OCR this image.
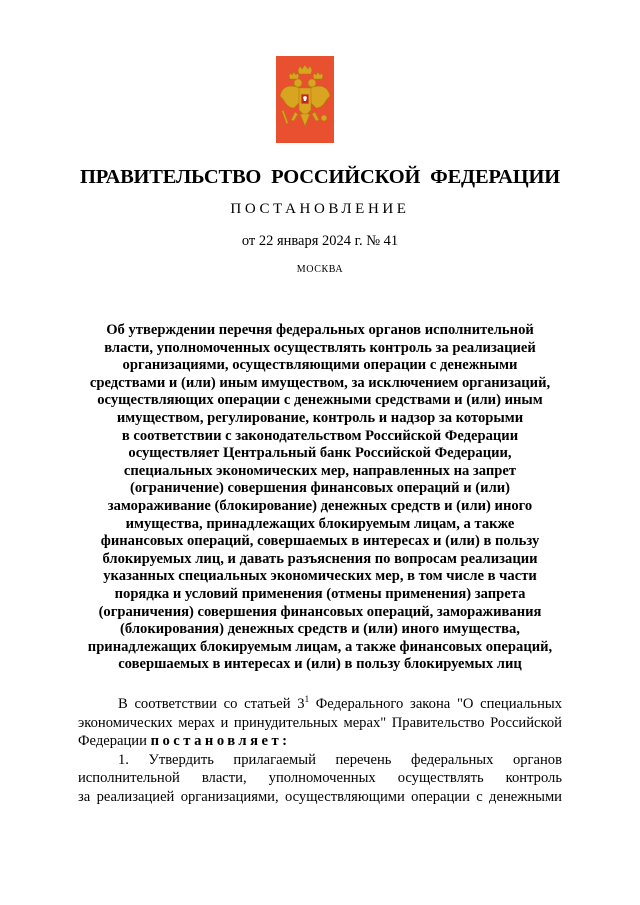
ПРАВИТЕЛЬСТВО РОССИЙСКОЙ ФЕДЕРАЦИИ
ПОСТАНОВЛЕНИЕ
от 22 января 2024 г. № 41
МОСКВА
Об утверждении перечня федеральных органов исполнительной
власти, уполномоченных осуществлять контроль за реализацией
организациями, осуществляющими операции с денежными
средствами и (или) иным имуществом, за исключением организаций,
осуществляющих операции с денежными средствами и (или) иным
имуществом, регулирование, контроль и надзор за которыми
в соответствии с законодательством Российской Федерации
осуществляет Центральный банк Российской Федерации,
специальных экономических мер, направленных на запрет
(ограничение) совершения финансовых операций и (или)
замораживание (блокирование) денежных средств и (или) иного
имущества, принадлежащих блокируемым лицам, а также
финансовых операций, совершаемых в интересах и (или) в пользу
блокируемых лиц, и давать разъяснения по вопросам реализации
указанных специальных экономических мер, в том числе в части
порядка и условий применения (отмены применения) запрета
(ограничения) совершения финансовых операций, замораживания
(блокирования) денежных средств и (или) иного имущества,
принадлежащих блокируемым лицам, а также финансовых операций,
совершаемых в интересах и (или) в пользу блокируемых лиц

В соответствии со статьей $3^1$ Федерального закона "О специальных экономических мерах и принудительных мерах" Правительство Российской Федерации постановляет:

1. Утвердить прилагаемый перечень федеральных органов

исполнительной власти, уполномоченных осуществлять контроль

за реализацией организациями, осуществляющими операции с денежными
